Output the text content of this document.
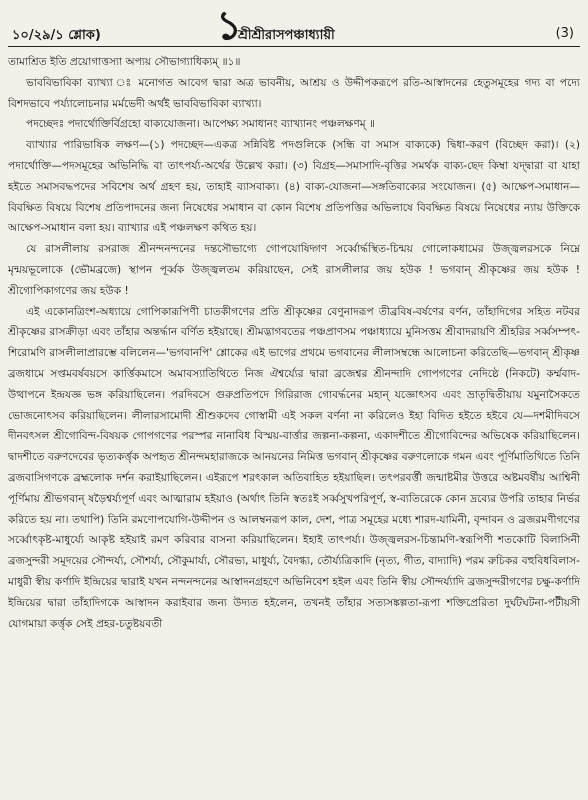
১০/২৯/১ শ্লোক)	১
শ্রীশ্রীরাসপঞ্চাধ্যায়ী	(3)

তামাশ্রিত ইতি প্রয়োগাত্তস্যা অপ্যয় সৌভাগ্যাধিক্যম্‌ ॥১॥

ভাববিভাবিকা ব্যাখ্যা ঃ মনোগত আবেগ দ্বারা অত্র ভাবনীয়, আশ্রয় ও উদ্দীপকরূপে রতি-আস্বাদনের হেতুসমূহের গদ্য বা পদ্যে বিশদভাবে পর্য্যালোচনার মর্মভেদী অর্থই ভাববিভাবিকা ব্যাখ্যা।

পদচ্ছেদঃ পদার্থোক্তির্বিগ্রহো বাক্যযোজনা। আপেক্ষ্য সমাধানং ব্যাখ্যানং পঞ্চলক্ষণম্‌ ॥

ব্যাখ্যার পারিভাষিক লক্ষণ—(১) পদচ্ছেদ—একত্র সন্নিবিষ্ট পদগুলিকে (সন্ধি বা সমাস বাক্যকে) দ্বিধা-করণ (বিচ্ছেদ করা)। (২) পদার্থোক্তি—পদসমূহের অভিনিদ্ধি বা তাৎপর্য্য-অর্থের উল্লেখ করা। (৩) বিগ্রহ—সমাসাদি-বৃত্তির সমর্থক বাক্য-ছেদ কিম্বা যদ্দ্বারা বা যাহা হইতে সমাসবদ্ধপদের সবিশেষ অর্থ গ্রহণ হয়, তাহাই ব্যাসবাক্য। (৪) বাক্য-যোজনা—সঙ্গতিবাক্যের সংযোজন। (৫) আক্ষেপ-সমাধান—বিবক্ষিত বিষয়ে বিশেষ প্রতিপাদনের জন্য নিষেধের সমাধান বা কোন বিশেষ প্রতিপত্তির অভিলাষে বিবক্ষিত বিষয়ে নিষেধের ন্যায় উক্তিকে আক্ষেপ-সমাধান বলা হয়। ব্যাখ্যার এই পঞ্চলক্ষণ কথিত হয়।

যে রাসলীলায় রসরাজ শ্রীনন্দনন্দনের দন্তসৌভাগ্যে গোপযোষিদ্গণ সর্ব্বোর্দ্ধস্থিত-চিন্ময় গোলোকধামের উজ্জ্বলরসকে নিম্নে মৃন্ময়ভূলোকে (ভৌমব্রজে) স্থাপন পূর্ব্বক উজ্জ্বলতম করিয়াছেন, সেই রাসলীলার জয় হউক ! ভগবান্‌ শ্রীকৃষ্ণের জয় হউক ! শ্রীগোপিকাগণের জয় হউক !

এই একোনত্রিংশ-অধ্যায়ে গোপিকারূপিণী চাতকীগণের প্রতি শ্রীকৃষ্ণের বেণুনাদরূপ তীব্রবিষ-বর্ষণের বর্ণন, তাঁহাদিগের সহিত নটবর শ্রীকৃষ্ণের রাসক্রীড়া এবং তাঁহার অন্তর্দ্ধান বর্ণিত হইয়াছে। শ্রীমদ্ভাগবতের পঞ্চপ্রাণসম পঞ্চাধ্যায়ে মুনিসত্তম শ্রীবাদরায়ণি শ্রীহরির সর্ব্বসম্পৎ-শিরোমণি রাসলীলাপ্রারম্ভে বলিলেন—'ভগবানপি' শ্লোকের এই ভাগের প্রথমে ভগবানের লীলাসম্বন্ধে আলোচনা করিতেছি—ভগবান্‌ শ্রীকৃষ্ণ ব্রজধামে সপ্তমবর্ষবয়সে কার্ত্তিকমাসে অমাবস্যাতিথিতে নিজ ঐশ্বর্য্যের দ্বারা ব্রজেশ্বর শ্রীনন্দাদি গোপগণের নেদিষ্ঠে (নিকটে) কর্ম্মবাদ-উত্থাপনে ইন্দ্রযজ্ঞ ভঙ্গ করিয়াছিলেন। পরদিবসে গুরুপ্রতিপদে গিরিরাজ গোবর্দ্ধনের মহান্‌ যজ্ঞোৎসব এবং ভ্রাতৃদ্বিতীয়ায় যমুনাসৈকতে ভোজনোৎসব করিয়াছিলেন। লীলারসামোদী শ্রীশুকদেব গোস্বামী এই সকল বর্ণনা না করিলেও ইহা বিদিত হইতে হইবে যে—দশমীদিবসে দীনবৎসল শ্রীগোবিন্দ-বিষয়ক গোপগণের পরস্পর নানাবিধ বিস্ময়-বার্ত্তার জল্পনা-কল্পনা, একাদশীতে শ্রীগোবিন্দের অভিষেক করিয়াছিলেন। দ্বাদশীতে বরুণদেবের ভৃত্যকর্ত্তৃক অপহৃত শ্রীনন্দমহারাজকে আনয়নের নিমিত্ত ভগবান্‌ শ্রীকৃষ্ণের বরুণলোকে গমন এবং পূর্ণিমাতিথিতে তিনি ব্রজবাসিগণকে ব্রহ্মলোক দর্শন করাইয়াছিলেন। এইরূপে শরৎকাল অতিবাহিত হইয়াছিল। তৎপরবর্ত্তী জন্মাষ্টমীর উত্তরে অষ্টমবর্ষীয় আশ্বিনী পূর্ণিমায় শ্রীভগবান্‌ ষড়ৈশ্বর্য্যপূর্ণ এবং আত্মারাম হইয়াও (অর্থাৎ তিনি স্বতঃই সর্ব্বসুখপরিপূর্ণ, স্ব-ব্যতিরেকে কোন দ্রব্যের উপরি তাহার নির্ভর করিতে হয় না। তথাপি) তিনি রমণোপযোগি-উদ্দীপন ও আলম্বনরূপ কাল, দেশ, পাত্র সমূহের মধ্যে শারদ-যামিনী, বৃন্দাবন ও ব্রজরমণীগণের সর্ব্বোৎকৃষ্ট-মাধুর্য্যে আকৃষ্ট হইয়াই রমণ করিবার বাসনা করিয়াছিলেন। ইহাই তাৎপর্য্য। উজ্জ্বলরস-চিন্তামণি-স্বরূপিণী শতকোটি বিলাসিনী ব্রজসুন্দরী সমূদয়ের সৌন্দর্য্য, সৌশর্য্য, সৌকুমার্য্য, সৌরভ্য, মাধুর্য্য, বৈদগ্ধ্য, তৌর্য্যত্রিকাদি (নৃত্য, গীত, বাদ্যাদি) পরম রুচিকর বহুবিধবিলাস-মাধুরী স্বীয় কর্ণাদি ইন্দ্রিয়ের দ্বারাই যখন নন্দনন্দনের আস্বাদনগ্রহণে অভিনিবেশ হইল এবং তিনি স্বীয় সৌন্দর্য্যাদি ব্রজসুন্দরীগণের চক্ষু-কর্ণাদি ইন্দ্রিয়ের দ্বারা তাঁহাদিগকে আস্বাদন করাইবার জন্য উদ্যত হইলেন, তখনই তাঁহার সত্যসঙ্কল্পতা-রূপা শক্তিপ্রেরিতা দুর্ঘটঘটনা-পটীয়সী যোগমায়া কর্ত্তৃক সেই প্রহর-চতুষ্টয়বতী
